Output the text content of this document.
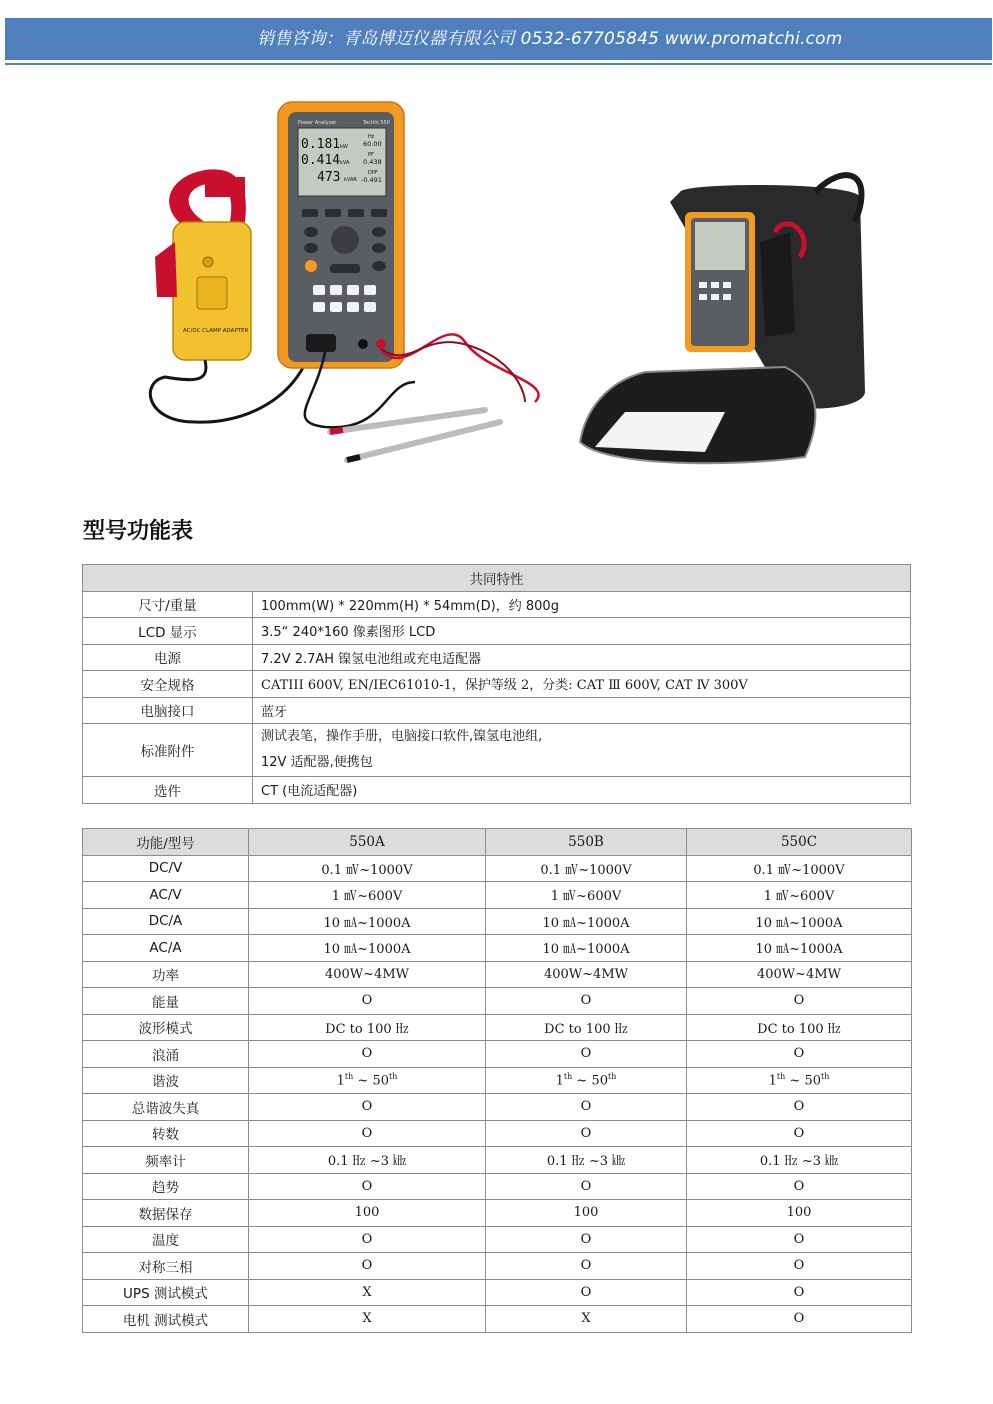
销售咨询：青岛博迈仪器有限公司 0532-67705845 www.promatchi.com
AC/DC CLAMP ADAPTER
Power Analyzer	TechIn 550
0.181 kW
0.414 kVA
473 kVAR
Hz
60.00
PF
0.438
DPF
-0.491
型号功能表
共同特性	
尺寸/重量	100mm(W) * 220mm(H) * 54mm(D)，约 800g
LCD 显示	3.5“ 240*160 像素图形 LCD
电源	7.2V 2.7AH 镍氢电池组或充电适配器
安全规格	CATIII 600V, EN/IEC61010-1，保护等级 2，分类: CAT Ⅲ 600V, CAT Ⅳ 300V
电脑接口	蓝牙
标准附件	测试表笔，操作手册，电脑接口软件,镍氢电池组,
12V 适配器,便携包

选件	CT (电流适配器)
功能/型号	550A	550B	550C
DC/V	0.1 ㎷~1000V	0.1 ㎷~1000V	0.1 ㎷~1000V
AC/V	1 ㎷~600V	1 ㎷~600V	1 ㎷~600V
DC/A	10 ㎃~1000A	10 ㎃~1000A	10 ㎃~1000A
AC/A	10 ㎃~1000A	10 ㎃~1000A	10 ㎃~1000A
功率	400W~4MW	400W~4MW	400W~4MW
能量	O	O	O
波形模式	DC to 100 ㎐	DC to 100 ㎐	DC to 100 ㎐
浪涌	O	O	O
谐波	1th ~ 50th	1th ~ 50th	1th ~ 50th
总谐波失真	O	O	O
转数	O	O	O
频率计	0.1 ㎐ ~3 ㎑	0.1 ㎐ ~3 ㎑	0.1 ㎐ ~3 ㎑
趋势	O	O	O
数据保存	100	100	100
温度	O	O	O
对称三相	O	O	O
UPS 测试模式	X	O	O
电机 测试模式	X	X	O
